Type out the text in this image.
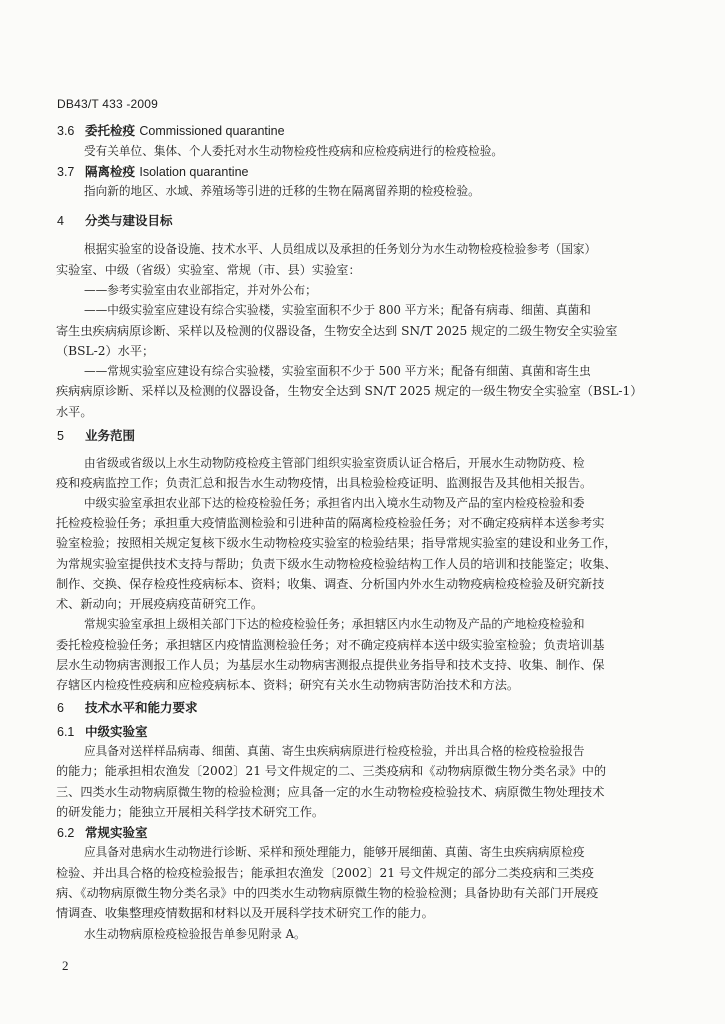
DB43/T 433 -2009
3.6 委托检疫 Commissioned quarantine
受有关单位、集体、个人委托对水生动物检疫性疫病和应检疫病进行的检疫检验。
3.7 隔离检疫 Isolation quarantine
指向新的地区、水域、养殖场等引进的迁移的生物在隔离留养期的检疫检验。
4 分类与建设目标
根据实验室的设备设施、技术水平、人员组成以及承担的任务划分为水生动物检疫检验参考（国家）
实验室、中级（省级）实验室、常规（市、县）实验室：
——参考实验室由农业部指定，并对外公布；
——中级实验室应建设有综合实验楼，实验室面积不少于 800 平方米；配备有病毒、细菌、真菌和
寄生虫疾病病原诊断、采样以及检测的仪器设备，生物安全达到 SN/T 2025 规定的二级生物安全实验室
（BSL-2）水平；
——常规实验室应建设有综合实验楼，实验室面积不少于 500 平方米；配备有细菌、真菌和寄生虫
疾病病原诊断、采样以及检测的仪器设备，生物安全达到 SN/T 2025 规定的一级生物安全实验室（BSL-1）
水平。
5 业务范围
由省级或省级以上水生动物防疫检疫主管部门组织实验室资质认证合格后，开展水生动物防疫、检
疫和疫病监控工作；负责汇总和报告水生动物疫情，出具检验检疫证明、监测报告及其他相关报告。
中级实验室承担农业部下达的检疫检验任务；承担省内出入境水生动物及产品的室内检疫检验和委
托检疫检验任务；承担重大疫情监测检验和引进种苗的隔离检疫检验任务；对不确定疫病样本送参考实
验室检验；按照相关规定复核下级水生动物检疫实验室的检验结果；指导常规实验室的建设和业务工作，
为常规实验室提供技术支持与帮助；负责下级水生动物检疫检验结构工作人员的培训和技能鉴定；收集、
制作、交换、保存检疫性疫病标本、资料；收集、调查、分析国内外水生动物疫病检疫检验及研究新技
术、新动向；开展疫病疫苗研究工作。
常规实验室承担上级相关部门下达的检疫检验任务；承担辖区内水生动物及产品的产地检疫检验和
委托检疫检验任务；承担辖区内疫情监测检验任务；对不确定疫病样本送中级实验室检验；负责培训基
层水生动物病害测报工作人员；为基层水生动物病害测报点提供业务指导和技术支持、收集、制作、保
存辖区内检疫性疫病和应检疫病标本、资料；研究有关水生动物病害防治技术和方法。
6 技术水平和能力要求
6.1 中级实验室
应具备对送样样品病毒、细菌、真菌、寄生虫疾病病原进行检疫检验，并出具合格的检疫检验报告
的能力；能承担相农渔发〔2002〕21 号文件规定的二、三类疫病和《动物病原微生物分类名录》中的
三、四类水生动物病原微生物的检验检测；应具备一定的水生动物检疫检验技术、病原微生物处理技术
的研发能力；能独立开展相关科学技术研究工作。
6.2 常规实验室
应具备对患病水生动物进行诊断、采样和预处理能力，能够开展细菌、真菌、寄生虫疾病病原检疫
检验、并出具合格的检疫检验报告；能承担农渔发〔2002〕21 号文件规定的部分二类疫病和三类疫
病、《动物病原微生物分类名录》中的四类水生动物病原微生物的检验检测；具备协助有关部门开展疫
情调查、收集整理疫情数据和材料以及开展科学技术研究工作的能力。
水生动物病原检疫检验报告单参见附录 A。
2
